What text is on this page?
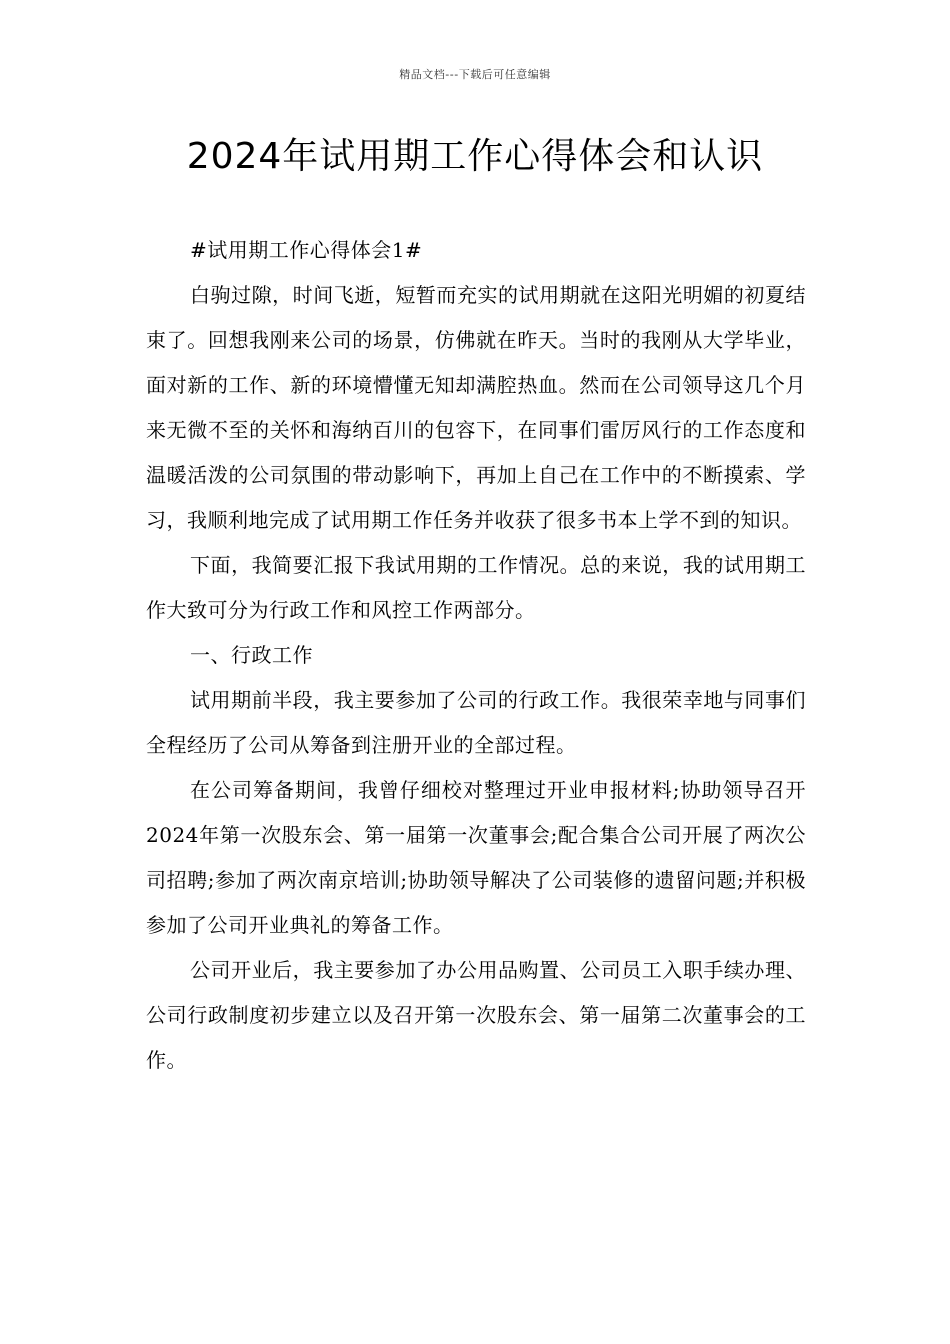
精品文档---下载后可任意编辑
2024年试用期工作心得体会和认识

#试用期工作心得体会1#

白驹过隙，时间飞逝，短暂而充实的试用期就在这阳光明媚的初夏结束了。回想我刚来公司的场景，仿佛就在昨天。当时的我刚从大学毕业，面对新的工作、新的环境懵懂无知却满腔热血。然而在公司领导这几个月来无微不至的关怀和海纳百川的包容下，在同事们雷厉风行的工作态度和温暖活泼的公司氛围的带动影响下，再加上自己在工作中的不断摸索、学习，我顺利地完成了试用期工作任务并收获了很多书本上学不到的知识。

下面，我简要汇报下我试用期的工作情况。总的来说，我的试用期工作大致可分为行政工作和风控工作两部分。

一、行政工作

试用期前半段，我主要参加了公司的行政工作。我很荣幸地与同事们全程经历了公司从筹备到注册开业的全部过程。

在公司筹备期间，我曾仔细校对整理过开业申报材料;协助领导召开2024年第一次股东会、第一届第一次董事会;配合集合公司开展了两次公司招聘;参加了两次南京培训;协助领导解决了公司装修的遗留问题;并积极参加了公司开业典礼的筹备工作。

公司开业后，我主要参加了办公用品购置、公司员工入职手续办理、公司行政制度初步建立以及召开第一次股东会、第一届第二次董事会的工作。
